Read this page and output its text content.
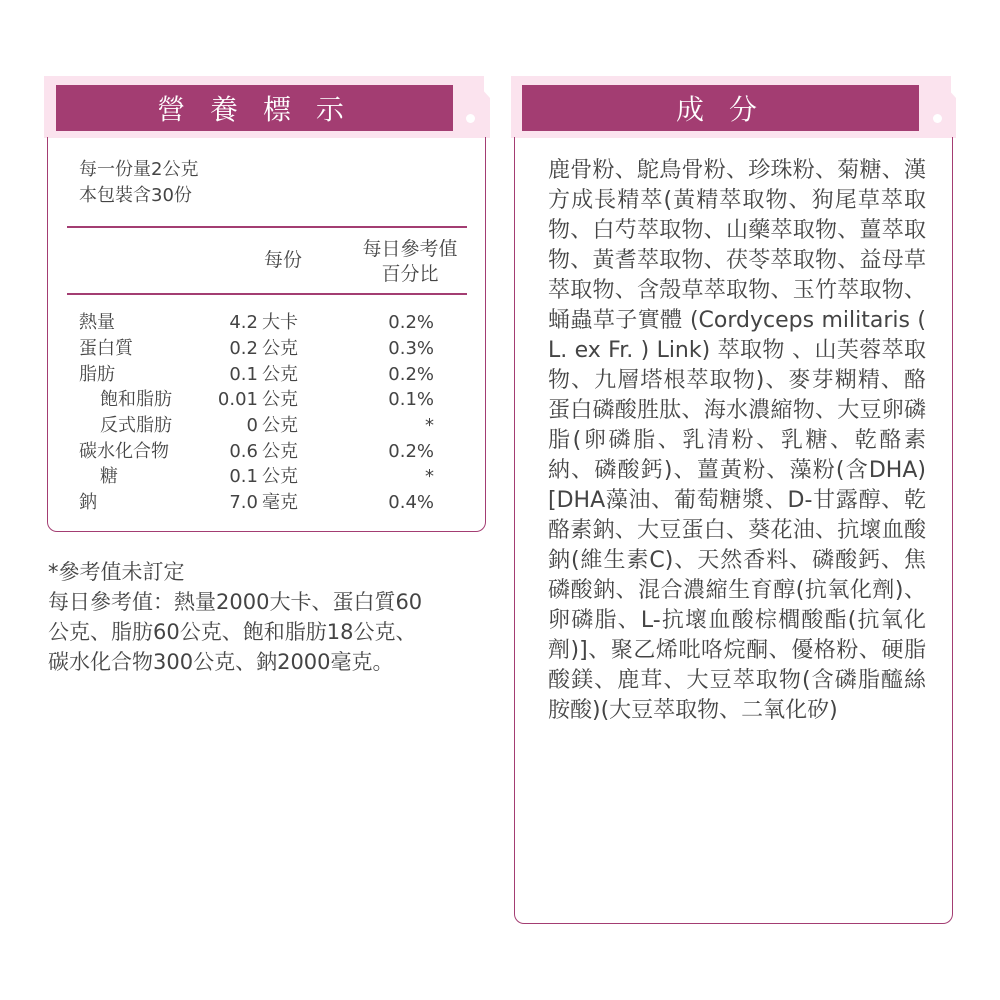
營 養 標 示
每一份量2公克
本包裝含30份
每份	每日參考值
百分比
熱量	4.2 大卡	0.2%
蛋白質	0.2 公克	0.3%
脂肪	0.1 公克	0.2%
飽和脂肪	0.01 公克	0.1%
反式脂肪	0 公克	*
碳水化合物	0.6 公克	0.2%
糖	0.1 公克	*
鈉	7.0 毫克	0.4%
*參考值未訂定
每日參考值：熱量2000大卡、蛋白質60
公克、脂肪60公克、飽和脂肪18公克、
碳水化合物300公克、鈉2000毫克。
成 分
鹿骨粉、鴕鳥骨粉、珍珠粉、菊糖、漢方成長精萃(黃精萃取物、狗尾草萃取物、白芍萃取物、山藥萃取物、薑萃取物、黃耆萃取物、茯苓萃取物、益母草萃取物、含殼草萃取物、玉竹萃取物、蛹蟲草子實體 (Cordyceps militaris ( L. ex Fr. ) Link) 萃取物 、山芙蓉萃取物、九層塔根萃取物)、麥芽糊精、酪蛋白磷酸胜肽、海水濃縮物、大豆卵磷脂(卵磷脂、乳清粉、乳糖、乾酪素納、磷酸鈣)、薑黃粉、藻粉(含DHA)[DHA藻油、葡萄糖漿、D-甘露醇、乾酪素鈉、大豆蛋白、葵花油、抗壞血酸鈉(維生素C)、天然香料、磷酸鈣、焦磷酸鈉、混合濃縮生育醇(抗氧化劑)、卵磷脂、L-抗壞血酸棕櫚酸酯(抗氧化劑)]、聚乙烯吡咯烷酮、優格粉、硬脂酸鎂、鹿茸、大豆萃取物(含磷脂醯絲胺酸)(大豆萃取物、二氧化矽)
